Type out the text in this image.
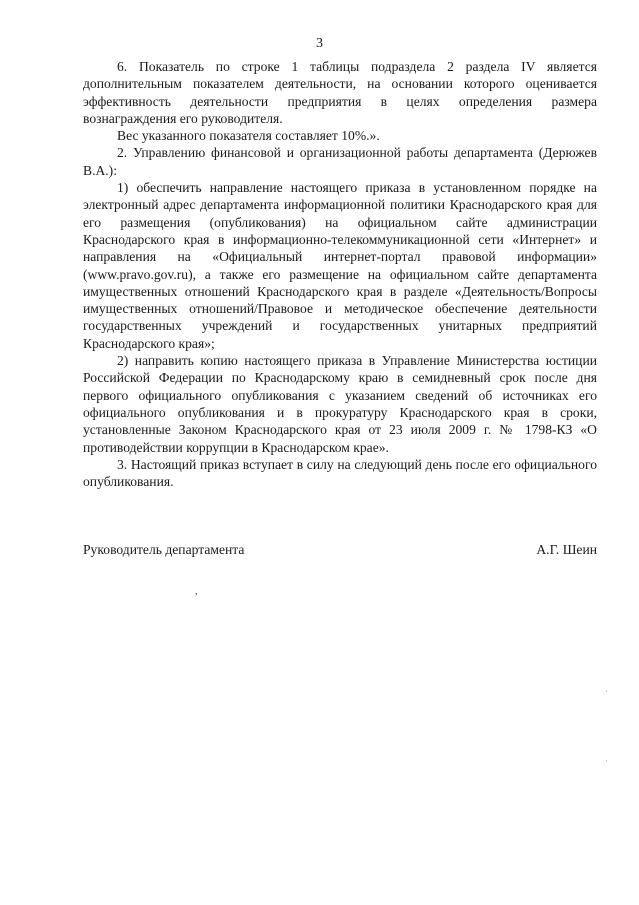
3

6. Показатель по строке 1 таблицы подраздела 2 раздела IV является дополнительным показателем деятельности, на основании которого оценивается эффективность деятельности предприятия в целях определения размера вознаграждения его руководителя.

Вес указанного показателя составляет 10%.».

2. Управлению финансовой и организационной работы департамента (Дерюжев В.А.):

1) обеспечить направление настоящего приказа в установленном порядке на электронный адрес департамента информационной политики Краснодарского края для его размещения (опубликования) на официальном сайте администрации Краснодарского края в информационно-телекоммуникационной сети «Интернет» и направления на «Официальный интернет-портал правовой информации» (www.pravo.gov.ru), а также его размещение на официальном сайте департамента имущественных отношений Краснодарского края в разделе «Деятельность/Вопросы имущественных отношений/Правовое и методическое обеспечение деятельности государственных учреждений и государственных унитарных предприятий Краснодарского края»;

2) направить копию настоящего приказа в Управление Министерства юстиции Российской Федерации по Краснодарскому краю в семидневный срок после дня первого официального опубликования с указанием сведений об источниках его официального опубликования и в прокуратуру Краснодарского края в сроки, установленные Законом Краснодарского края от 23 июля 2009 г. № 1798-КЗ «О противодействии коррупции в Краснодарском крае».

3. Настоящий приказ вступает в силу на следующий день после его официального опубликования.

Руководитель департамента	А.Г. Шеин
,
